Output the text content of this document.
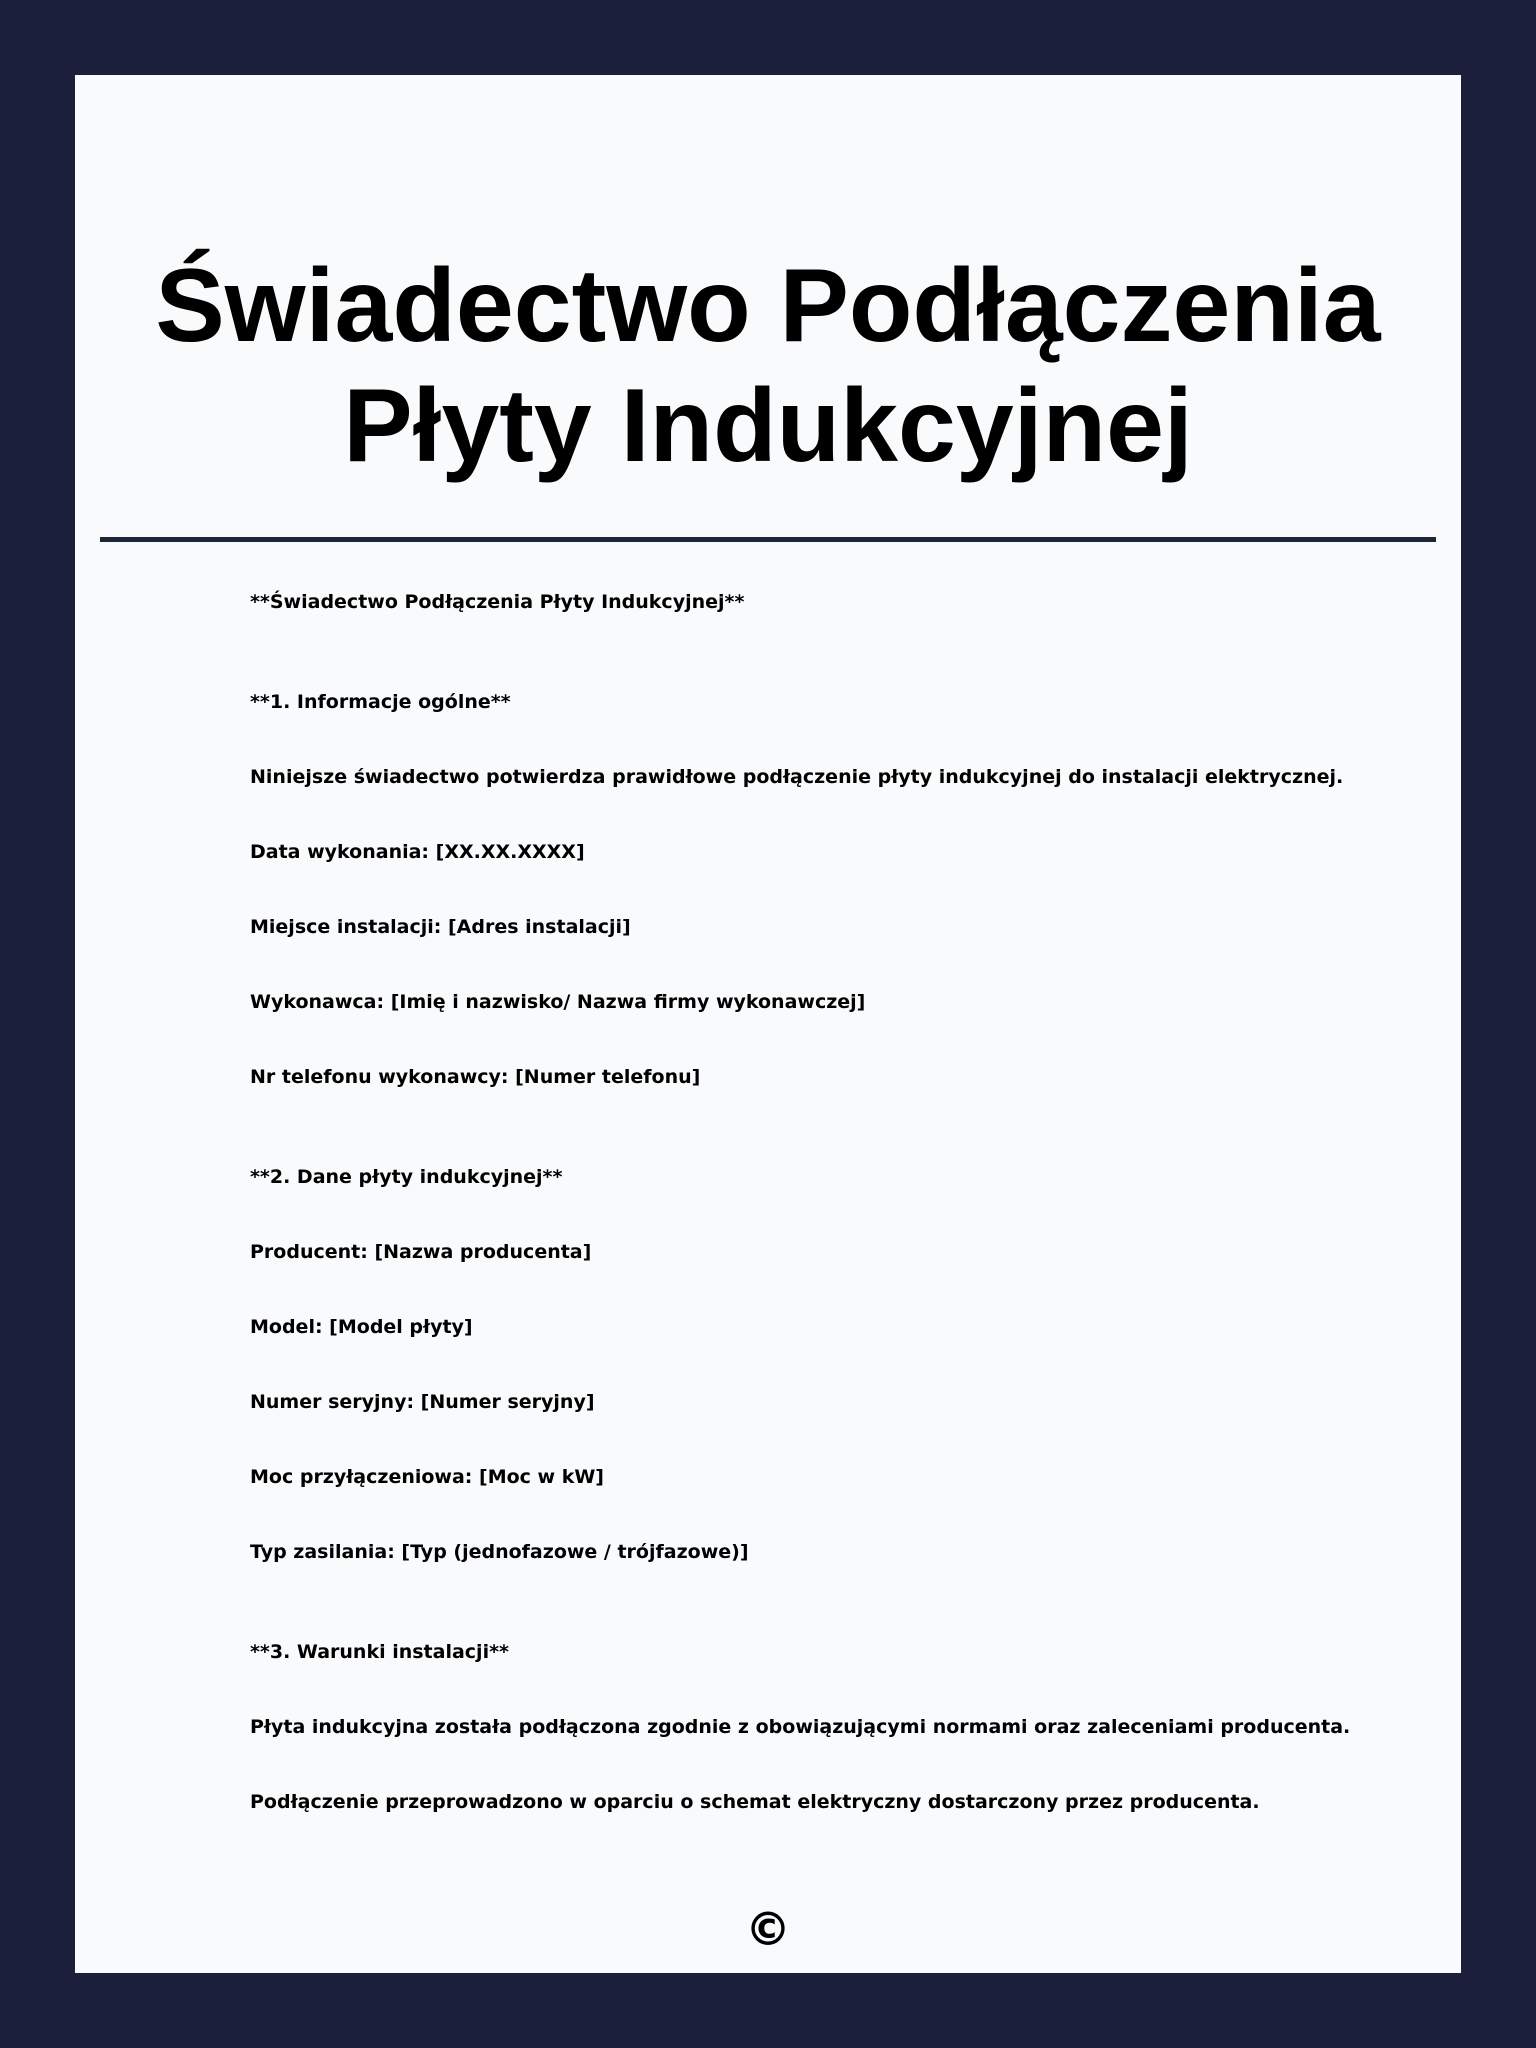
Świadectwo Podłączenia
Płyty Indukcyjnej
**Świadectwo Podłączenia Płyty Indukcyjnej**
**1. Informacje ogólne**
Niniejsze świadectwo potwierdza prawidłowe podłączenie płyty indukcyjnej do instalacji elektrycznej.
Data wykonania: [XX.XX.XXXX]
Miejsce instalacji: [Adres instalacji]
Wykonawca: [Imię i nazwisko/ Nazwa firmy wykonawczej]
Nr telefonu wykonawcy: [Numer telefonu]
**2. Dane płyty indukcyjnej**
Producent: [Nazwa producenta]
Model: [Model płyty]
Numer seryjny: [Numer seryjny]
Moc przyłączeniowa: [Moc w kW]
Typ zasilania: [Typ (jednofazowe / trójfazowe)]
**3. Warunki instalacji**
Płyta indukcyjna została podłączona zgodnie z obowiązującymi normami oraz zaleceniami producenta.
Podłączenie przeprowadzono w oparciu o schemat elektryczny dostarczony przez producenta.
©
